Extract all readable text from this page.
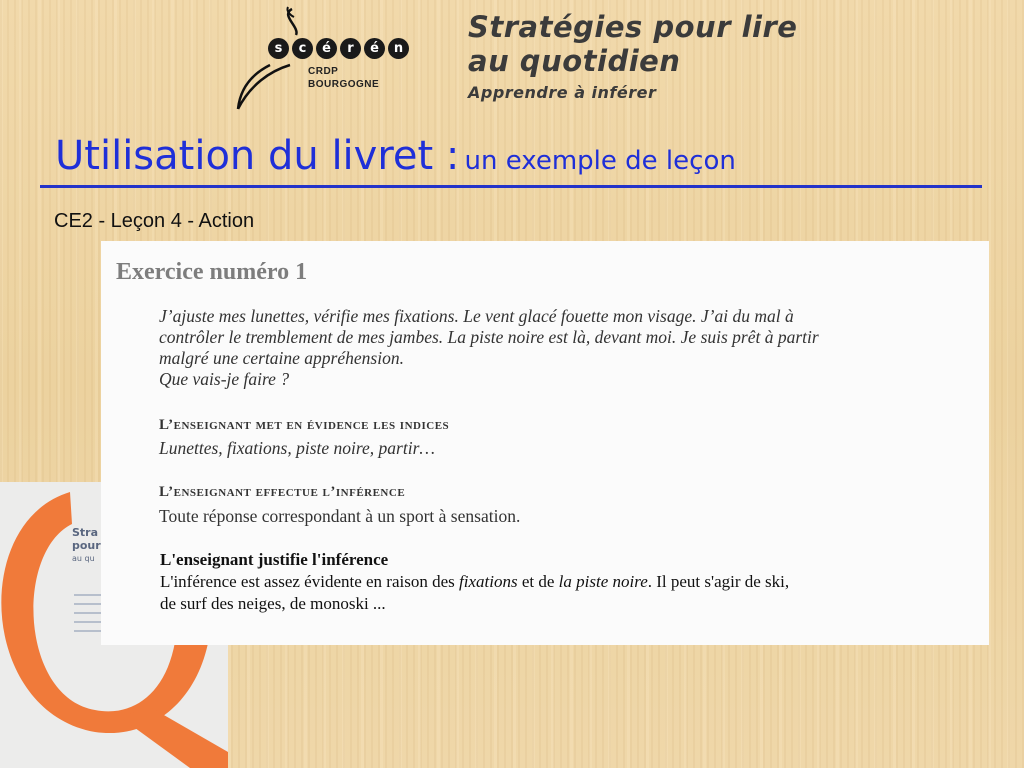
s	c	é	r	é	n
CRDP
BOURGOGNE
Stratégies pour lire
au quotidien
Apprendre à inférer
Utilisation du livret : un exemple de leçon
CE2 - Leçon 4 - Action
Stra
pour
au qu
Exercice numéro 1
J’ajuste mes lunettes, vérifie mes fixations. Le vent glacé fouette mon visage. J’ai du mal à
contrôler le tremblement de mes jambes. La piste noire est là, devant moi. Je suis prêt à partir
malgré une certaine appréhension.
Que vais-je faire ?
L’enseignant met en évidence les indices
Lunettes, fixations, piste noire, partir…
L’enseignant effectue l’inférence
Toute réponse correspondant à un sport à sensation.
L'enseignant justifie l'inférence
L'inférence est assez évidente en raison des fixations et de la piste noire. Il peut s'agir de ski,
de surf des neiges, de monoski ...
